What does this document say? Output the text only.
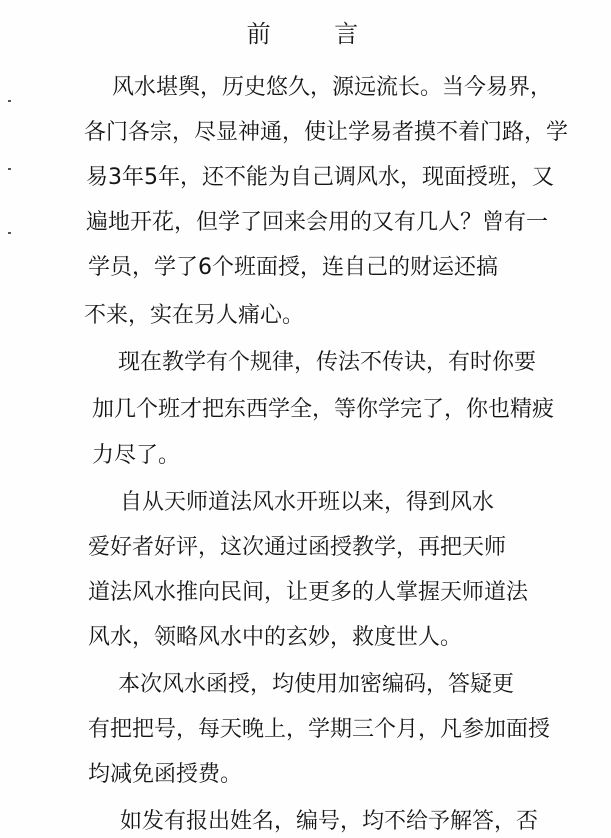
前 言
风水堪舆，历史悠久，源远流长。当今易界，
各门各宗，尽显神通，使让学易者摸不着门路，学
易3年5年，还不能为自己调风水，现面授班，又
遍地开花，但学了回来会用的又有几人？曾有一
学员，学了6个班面授，连自己的财运还搞
不来，实在另人痛心。
现在教学有个规律，传法不传诀，有时你要
加几个班才把东西学全，等你学完了，你也精疲
力尽了。
自从天师道法风水开班以来，得到风水
爱好者好评，这次通过函授教学，再把天师
道法风水推向民间，让更多的人掌握天师道法
风水，领略风水中的玄妙，救度世人。
本次风水函授，均使用加密编码，答疑更
有把把号，每天晚上，学期三个月，凡参加面授
均减免函授费。
如发有报出姓名，编号，均不给予解答，否
